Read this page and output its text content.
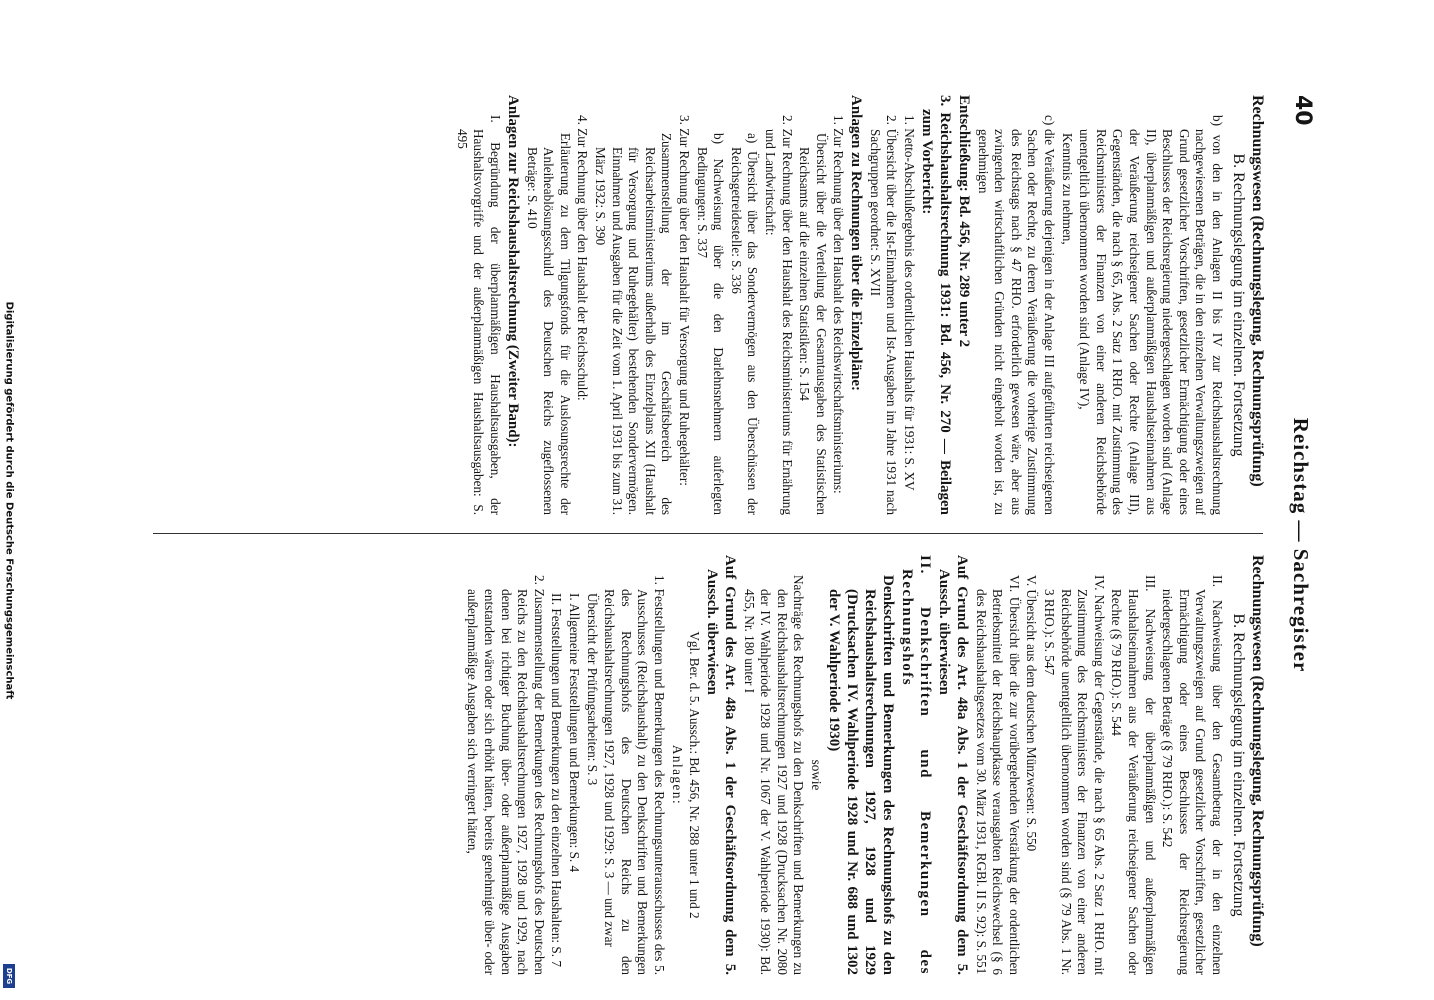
Digitalisierung gefördert durch die Deutsche Forschungsgemeinschaft
DFG
40
Reichstag — Sachregister
Rechnungswesen (Rechnungslegung, Rechnungsprüfung)
B. Rechnungslegung im einzelnen. Fortsetzung
b) von den in den Anlagen II bis IV zur Reichshaushaltsrechnung nachgewiesenen Beträgen, die in den einzelnen Verwaltungszweigen auf Grund gesetzlicher Vorschriften, gesetzlicher Ermächtigung oder eines Beschlusses der Reichsregierung niedergeschlagen worden sind (Anlage II), überplanmäßigen und außerplanmäßigen Haushaltseinnahmen aus der Veräußerung reichseigener Sachen oder Rechte (Anlage III), Gegenständen, die nach § 65, Abs. 2 Satz 1 RHO. mit Zustimmung des Reichsministers der Finanzen von einer anderen Reichsbehörde unentgeltlich übernommen worden sind (Anlage IV),
Kenntnis zu nehmen,
c) die Veräußerung derjenigen in der Anlage III aufgeführten reichseigenen Sachen oder Rechte, zu deren Veräußerung die vorherige Zustimmung des Reichstags nach § 47 RHO. erforderlich gewesen wäre, aber aus zwingenden wirtschaftlichen Gründen nicht eingeholt worden ist, zu genehmigen
Entschließung: Bd. 456, Nr. 289 unter 2
3. Reichshaushaltsrechnung 1931: Bd. 456, Nr. 270 — Beilagen zum Vorbericht:
1. Netto-Abschlußergebnis des ordentlichen Haushalts für 1931: S. XV
2. Übersicht über die Ist-Einnahmen und Ist-Ausgaben im Jahre 1931 nach Sachgruppen geordnet: S. XVII
Anlagen zu Rechnungen über die Einzelpläne:
1. Zur Rechnung über den Haushalt des Reichswirtschaftsministeriums:
Übersicht über die Verteilung der Gesamtausgaben des Statistischen Reichsamts auf die einzelnen Statistiken: S. 154
2. Zur Rechnung über den Haushalt des Reichsministeriums für Ernährung und Landwirtschaft:
a) Übersicht über das Sondervermögen aus den Überschüssen der Reichsgetreidestelle: S. 336
b) Nachweisung über die den Darlehnsnehmern auferlegten Bedingungen: S. 337
3. Zur Rechnung über den Haushalt für Versorgung und Ruhegehälter:
Zusammenstellung der im Geschäftsbereich des Reichsarbeitsministeriums außerhalb des Einzelplans XII (Haushalt für Versorgung und Ruhegehälter) bestehenden Sondervermögen. Einnahmen und Ausgaben für die Zeit vom 1. April 1931 bis zum 31. März 1932: S. 390
4. Zur Rechnung über den Haushalt der Reichsschuld:
Erläuterung zu dem Tilgungsfonds für die Auslosungsrechte der Anleiheablösungsschuld des Deutschen Reichs zugeflossenen Beträge: S. 410
Anlagen zur Reichshaushaltsrechnung (Zweiter Band):
I. Begründung der überplanmäßigen Haushaltsausgaben, der Haushaltsvorgriffe und der außerplanmäßigen Haushaltsausgaben: S. 495
Rechnungswesen (Rechnungslegung, Rechnungsprüfung)
B. Rechnungslegung im einzelnen. Fortsetzung
II. Nachweisung über den Gesamtbetrag der in den einzelnen Verwaltungszweigen auf Grund gesetzlicher Vorschriften, gesetzlicher Ermächtigung oder eines Beschlusses der Reichsregierung niedergeschlagenen Beträge (§ 79 RHO.): S. 542
III. Nachweisung der überplanmäßigen und außerplanmäßigen Haushaltseinnahmen aus der Veräußerung reichseigener Sachen oder Rechte (§ 79 RHO.): S. 544
IV. Nachweisung der Gegenstände, die nach § 65 Abs. 2 Satz 1 RHO. mit Zustimmung des Reichsministers der Finanzen von einer anderen Reichsbehörde unentgeltlich übernommen worden sind (§ 79 Abs. 1 Nr. 3 RHO.): S. 547
V. Übersicht aus dem deutschen Münzwesen: S. 550
VI. Übersicht über die zur vorübergehenden Verstärkung der ordentlichen Betriebsmittel der Reichshauptkasse verausgabten Reichswechsel (§ 6 des Reichshaushaltsgesetzes vom 30. März 1931, RGBl. II S. 92): S. 551
Auf Grund des Art. 48a Abs. 1 der Geschäftsordnung dem 5. Aussch. überwiesen
II. Denkschriften und Bemerkungen des Rechnungshofs
Denkschriften und Bemerkungen des Rechnungshofs zu den Reichshaushaltsrechnungen 1927, 1928 und 1929 (Drucksachen IV. Wahlperiode 1928 und Nr. 688 und 1302 der V. Wahlperiode 1930)
sowie
Nachträge des Rechnungshofs zu den Denkschriften und Bemerkungen zu den Reichshaushaltsrechnungen 1927 und 1928 (Drucksachen Nr. 2080 der IV. Wahlperiode 1928 und Nr. 1067 der V. Wahlperiode 1930): Bd. 455, Nr. 180 unter I
Auf Grund des Art. 48a Abs. 1 der Geschäftsordnung dem 5. Aussch. überwiesen
Vgl. Ber. d. 5. Aussch.: Bd. 456, Nr. 288 unter 1 und 2
Anlagen:
1. Feststellungen und Bemerkungen des Rechnungsunterausschusses des 5. Ausschusses (Reichshaushalt) zu den Denkschriften und Bemerkungen des Rechnungshofs des Deutschen Reichs zu den Reichshaushaltsrechnungen 1927, 1928 und 1929: S. 3 — und zwar
Übersicht der Prüfungsarbeiten: S. 3
I. Allgemeine Feststellungen und Bemerkungen: S. 4
II. Feststellungen und Bemerkungen zu den einzelnen Haushalten: S. 7
2. Zusammenstellung der Bemerkungen des Rechnungshofs des Deutschen Reichs zu den Reichshaushaltsrechnungen 1927, 1928 und 1929, nach denen bei richtiger Buchung über- oder außerplanmäßige Ausgaben entstanden wären oder sich erhöht hätten, bereits genehmigte über- oder außerplanmäßige Ausgaben sich verringert hätten,
